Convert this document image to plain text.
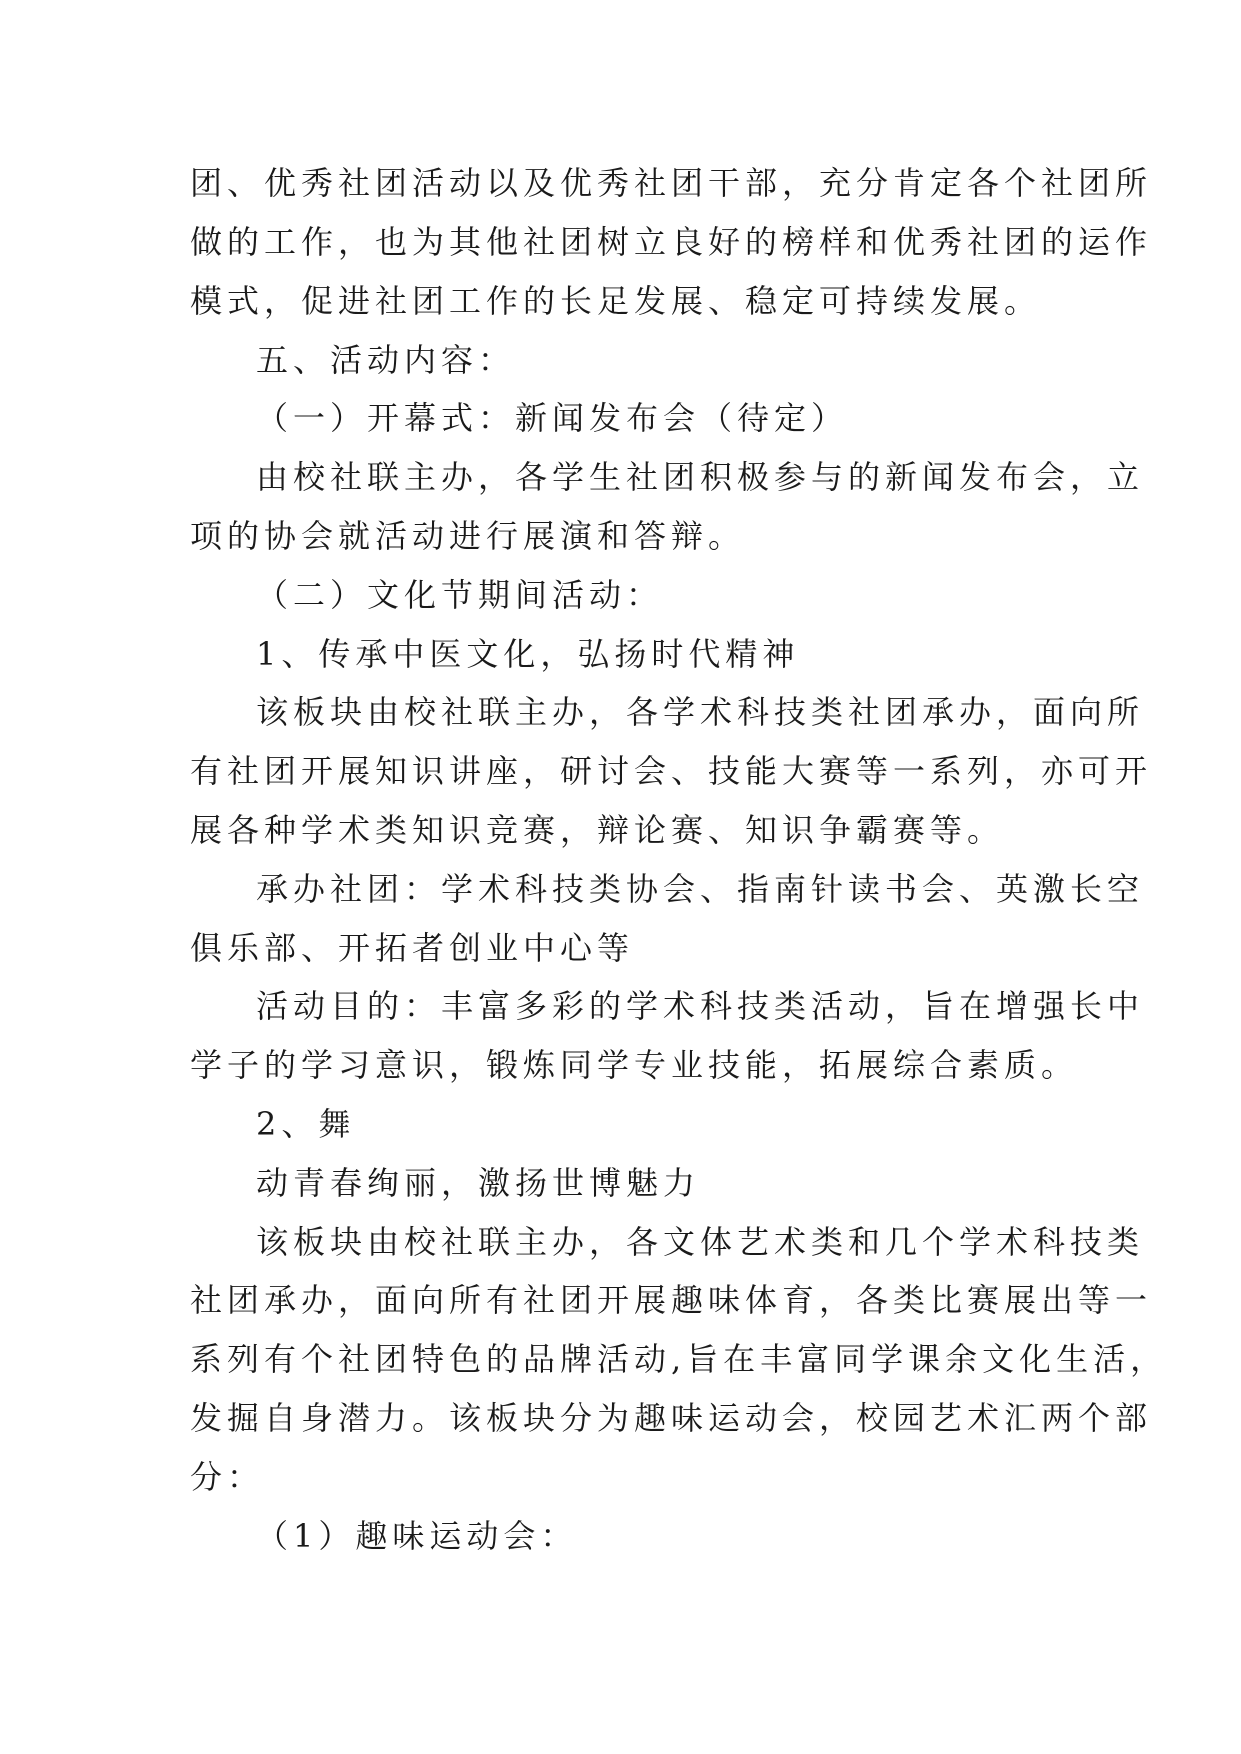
团、优秀社团活动以及优秀社团干部，充分肯定各个社团所
做的工作，也为其他社团树立良好的榜样和优秀社团的运作
模式，促进社团工作的长足发展、稳定可持续发展。
五、活动内容：
（一）开幕式：新闻发布会（待定）
由校社联主办，各学生社团积极参与的新闻发布会，立
项的协会就活动进行展演和答辩。
（二）文化节期间活动：
1、传承中医文化，弘扬时代精神
该板块由校社联主办，各学术科技类社团承办，面向所
有社团开展知识讲座，研讨会、技能大赛等一系列，亦可开
展各种学术类知识竞赛，辩论赛、知识争霸赛等。
承办社团：学术科技类协会、指南针读书会、英激长空
俱乐部、开拓者创业中心等
活动目的：丰富多彩的学术科技类活动，旨在增强长中
学子的学习意识，锻炼同学专业技能，拓展综合素质。
2、舞
动青春绚丽，激扬世博魅力
该板块由校社联主办，各文体艺术类和几个学术科技类
社团承办，面向所有社团开展趣味体育，各类比赛展出等一
系列有个社团特色的品牌活动,旨在丰富同学课余文化生活，
发掘自身潜力。该板块分为趣味运动会，校园艺术汇两个部
分：
（1）趣味运动会：
